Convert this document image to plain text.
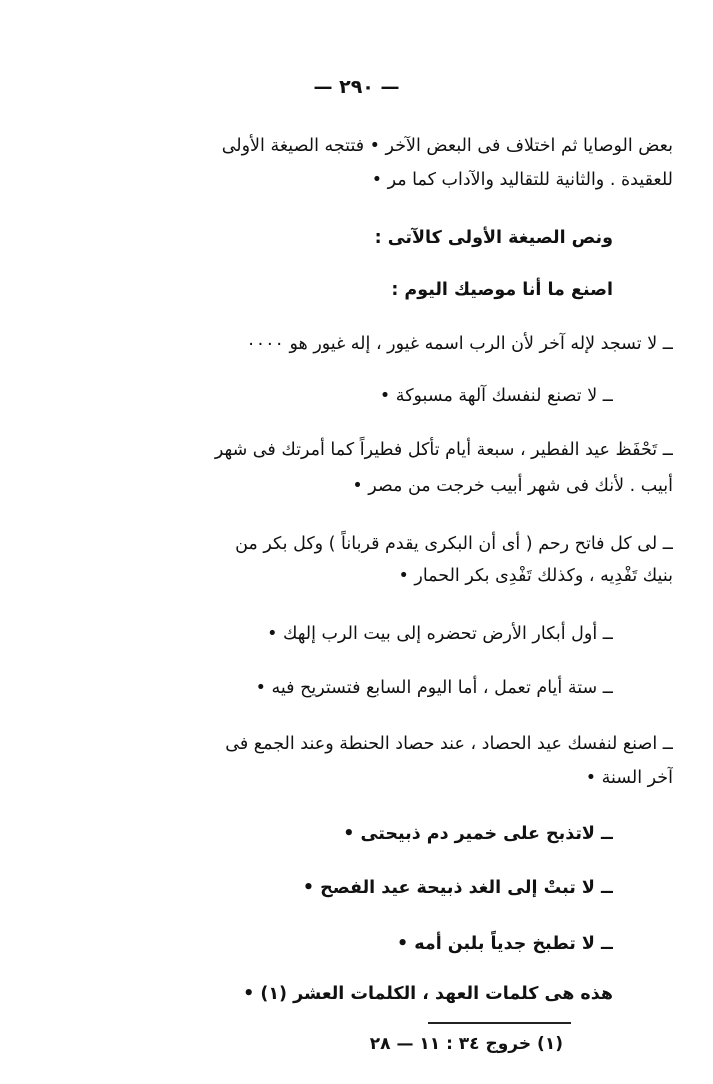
— ٢٩٠ —
بعض الوصايا ثم اختلاف فى البعض الآخر • فتتجه الصيغة الأولى
للعقيدة . والثانية للتقاليد والآداب كما مر •
ونص الصيغة الأولى كالآتى :
اصنع ما أنا موصيك اليوم :
ــ لا تسجد لإله آخر لأن الرب اسمه غيور ، إله غيور هو ٠٠٠٠
ــ لا تصنع لنفسك آلهة مسبوكة •
ــ تَحْفَظ عيد الفطير ، سبعة أيام تأكل فطيراً كما أمرتك فى شهر
أبيب . لأنك فى شهر أبيب خرجت من مصر •
ــ لى كل فاتح رحم ( أى أن البكرى يقدم قرباناً ) وكل بكر من
بنيك تَفْدِيه ، وكذلك تَفْدِى بكر الحمار •
ــ أول أبكار الأرض تحضره إلى بيت الرب إلهك •
ــ ستة أيام تعمل ، أما اليوم السابع فتستريح فيه •
ــ اصنع لنفسك عيد الحصاد ، عند حصاد الحنطة وعند الجمع فى
آخر السنة •
ــ لاتذبح على خمير دم ذبيحتى •
ــ لا تبتْ إلى الغد ذبيحة عيد الفصح •
ــ لا تطبخ جدياً بلبن أمه •
هذه هى كلمات العهد ، الكلمات العشر (١) •
(١) خروج ٣٤ : ١١ — ٢٨
